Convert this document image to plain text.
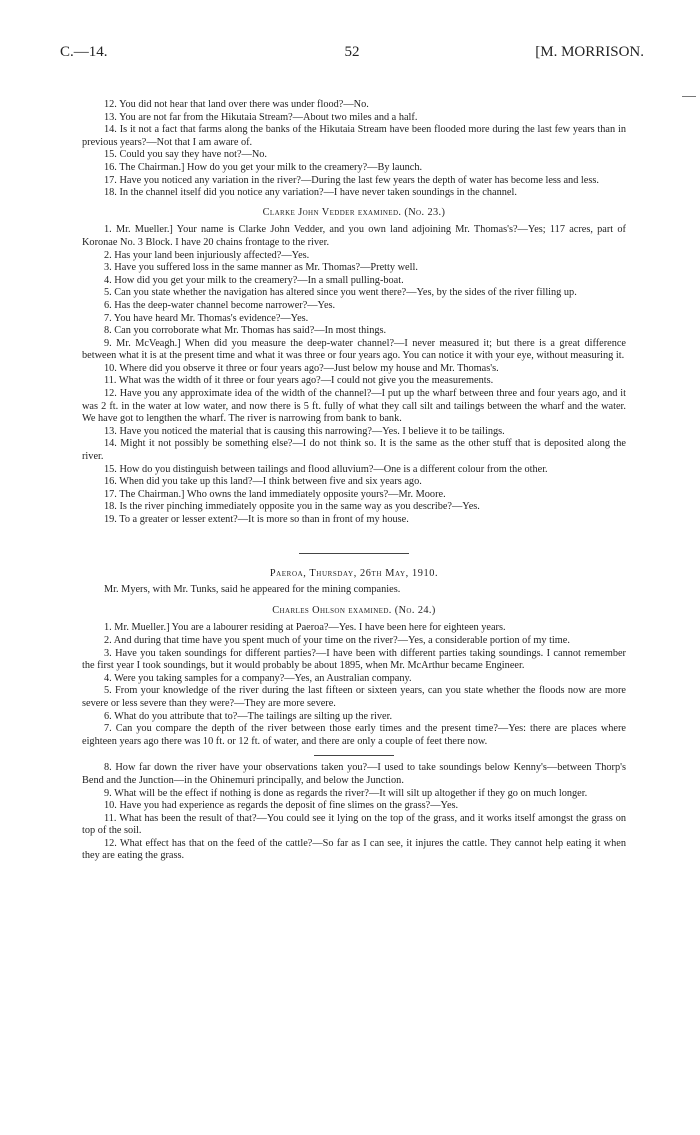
C.—14.	52	[M. MORRISON.

12. You did not hear that land over there was under flood?—No.

13. You are not far from the Hikutaia Stream?—About two miles and a half.

14. Is it not a fact that farms along the banks of the Hikutaia Stream have been flooded more during the last few years than in previous years?—Not that I am aware of.

15. Could you say they have not?—No.

16. The Chairman.] How do you get your milk to the creamery?—By launch.

17. Have you noticed any variation in the river?—During the last few years the depth of water has become less and less.

18. In the channel itself did you notice any variation?—I have never taken soundings in the channel.

Clarke John Vedder examined. (No. 23.)

1. Mr. Mueller.] Your name is Clarke John Vedder, and you own land adjoining Mr. Thomas's?—Yes; 117 acres, part of Koronae No. 3 Block. I have 20 chains frontage to the river.

2. Has your land been injuriously affected?—Yes.

3. Have you suffered loss in the same manner as Mr. Thomas?—Pretty well.

4. How did you get your milk to the creamery?—In a small pulling-boat.

5. Can you state whether the navigation has altered since you went there?—Yes, by the sides of the river filling up.

6. Has the deep-water channel become narrower?—Yes.

7. You have heard Mr. Thomas's evidence?—Yes.

8. Can you corroborate what Mr. Thomas has said?—In most things.

9. Mr. McVeagh.] When did you measure the deep-water channel?—I never measured it; but there is a great difference between what it is at the present time and what it was three or four years ago. You can notice it with your eye, without measuring it.

10. Where did you observe it three or four years ago?—Just below my house and Mr. Thomas's.

11. What was the width of it three or four years ago?—I could not give you the measurements.

12. Have you any approximate idea of the width of the channel?—I put up the wharf between three and four years ago, and it was 2 ft. in the water at low water, and now there is 5 ft. fully of what they call silt and tailings between the wharf and the water. We have got to lengthen the wharf. The river is narrowing from bank to bank.

13. Have you noticed the material that is causing this narrowing?—Yes. I believe it to be tailings.

14. Might it not possibly be something else?—I do not think so. It is the same as the other stuff that is deposited along the river.

15. How do you distinguish between tailings and flood alluvium?—One is a different colour from the other.

16. When did you take up this land?—I think between five and six years ago.

17. The Chairman.] Who owns the land immediately opposite yours?—Mr. Moore.

18. Is the river pinching immediately opposite you in the same way as you describe?—Yes.

19. To a greater or lesser extent?—It is more so than in front of my house.

Paeroa, Thursday, 26th May, 1910.

Mr. Myers, with Mr. Tunks, said he appeared for the mining companies.

Charles Ohlson examined. (No. 24.)

1. Mr. Mueller.] You are a labourer residing at Paeroa?—Yes. I have been here for eighteen years.

2. And during that time have you spent much of your time on the river?—Yes, a considerable portion of my time.

3. Have you taken soundings for different parties?—I have been with different parties taking soundings. I cannot remember the first year I took soundings, but it would probably be about 1895, when Mr. McArthur became Engineer.

4. Were you taking samples for a company?—Yes, an Australian company.

5. From your knowledge of the river during the last fifteen or sixteen years, can you state whether the floods now are more severe or less severe than they were?—They are more severe.

6. What do you attribute that to?—The tailings are silting up the river.

7. Can you compare the depth of the river between those early times and the present time?—Yes: there are places where eighteen years ago there was 10 ft. or 12 ft. of water, and there are only a couple of feet there now.

8. How far down the river have your observations taken you?—I used to take soundings below Kenny's—between Thorp's Bend and the Junction—in the Ohinemuri principally, and below the Junction.

9. What will be the effect if nothing is done as regards the river?—It will silt up altogether if they go on much longer.

10. Have you had experience as regards the deposit of fine slimes on the grass?—Yes.

11. What has been the result of that?—You could see it lying on the top of the grass, and it works itself amongst the grass on top of the soil.

12. What effect has that on the feed of the cattle?—So far as I can see, it injures the cattle. They cannot help eating it when they are eating the grass.
